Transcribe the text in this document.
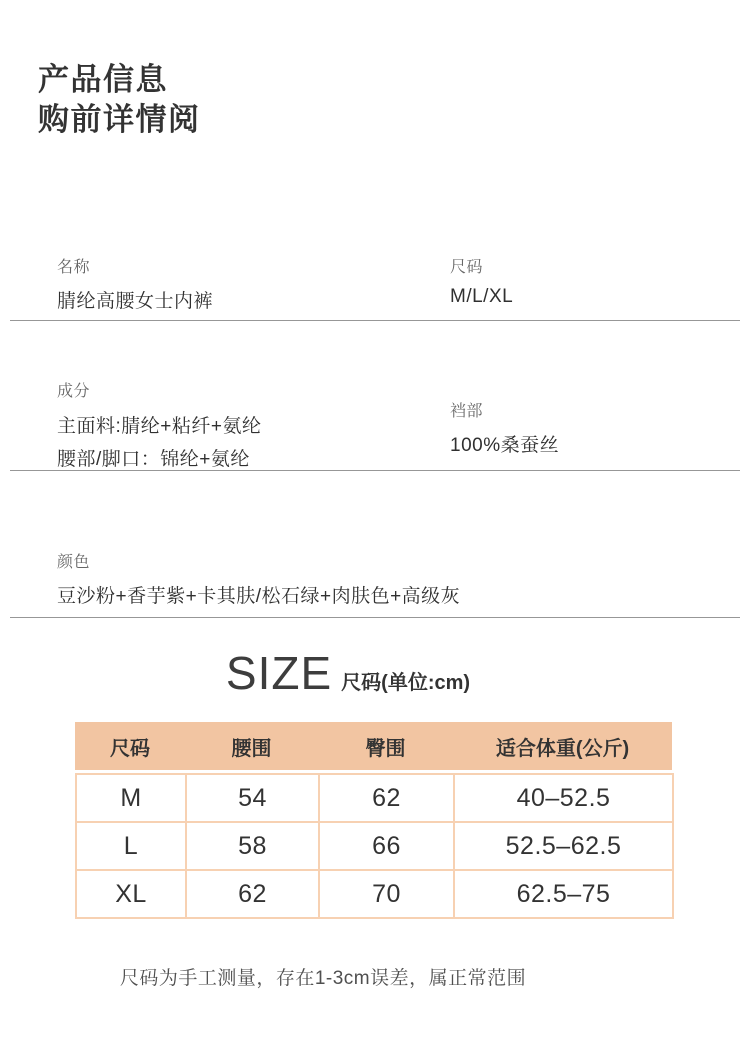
产品信息
购前详情阅
名称
腈纶高腰女士内裤
尺码
M/L/XL
成分
主面料:腈纶+粘纤+氨纶
腰部/脚口：锦纶+氨纶
裆部
100%桑蚕丝
颜色
豆沙粉+香芋紫+卡其肤/松石绿+肉肤色+高级灰
SIZE 尺码(单位:cm)
尺码	腰围	臀围	适合体重(公斤)
M	54	62	40–52.5
L	58	66	52.5–62.5
XL	62	70	62.5–75
尺码为手工测量，存在1-3cm误差，属正常范围
